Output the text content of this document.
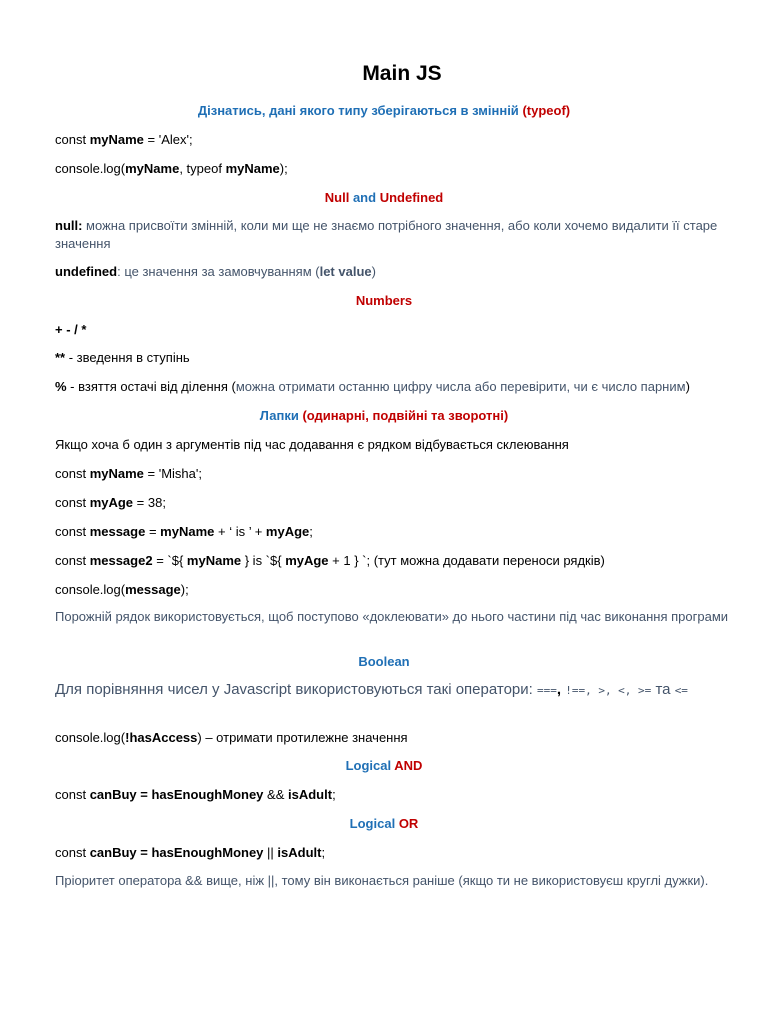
Main JS
Дізнатись, дані якого типу зберігаються в змінній (typeof)
const myName = 'Alex';
console.log(myName, typeof myName);
Null and Undefined
null: можна присвоїти змінній, коли ми ще не знаємо потрібного значення, або коли хочемо видалити її старе значення
undefined: це значення за замовчуванням (let value)
Numbers
+ - / *
** - зведення в ступінь
% - взяття остачі від ділення (можна отримати останню цифру числа або перевірити, чи є число парним)
Лапки (одинарні, подвійні та зворотні)
Якщо хоча б один з аргументів під час додавання є рядком відбувається склеювання
const myName = 'Misha';
const myAge = 38;
const message = myName + ‘ is ’ + myAge;
const message2 = `${ myName } is `${ myAge + 1 } `; (тут можна додавати переноси рядків)
console.log(message);
Порожній рядок використовується, щоб поступово «доклеювати» до нього частини під час виконання програми
Boolean
Для порівняння чисел у Javascript використовуються такі оператори: ===, !==, >, <, >= та <=
console.log(!hasAccess) – отримати протилежне значення
Logical AND
const canBuy = hasEnoughMoney && isAdult;
Logical OR
const canBuy = hasEnoughMoney || isAdult;
Пріоритет оператора && вище, ніж ||, тому він виконається раніше (якщо ти не використовуєш круглі дужки).
